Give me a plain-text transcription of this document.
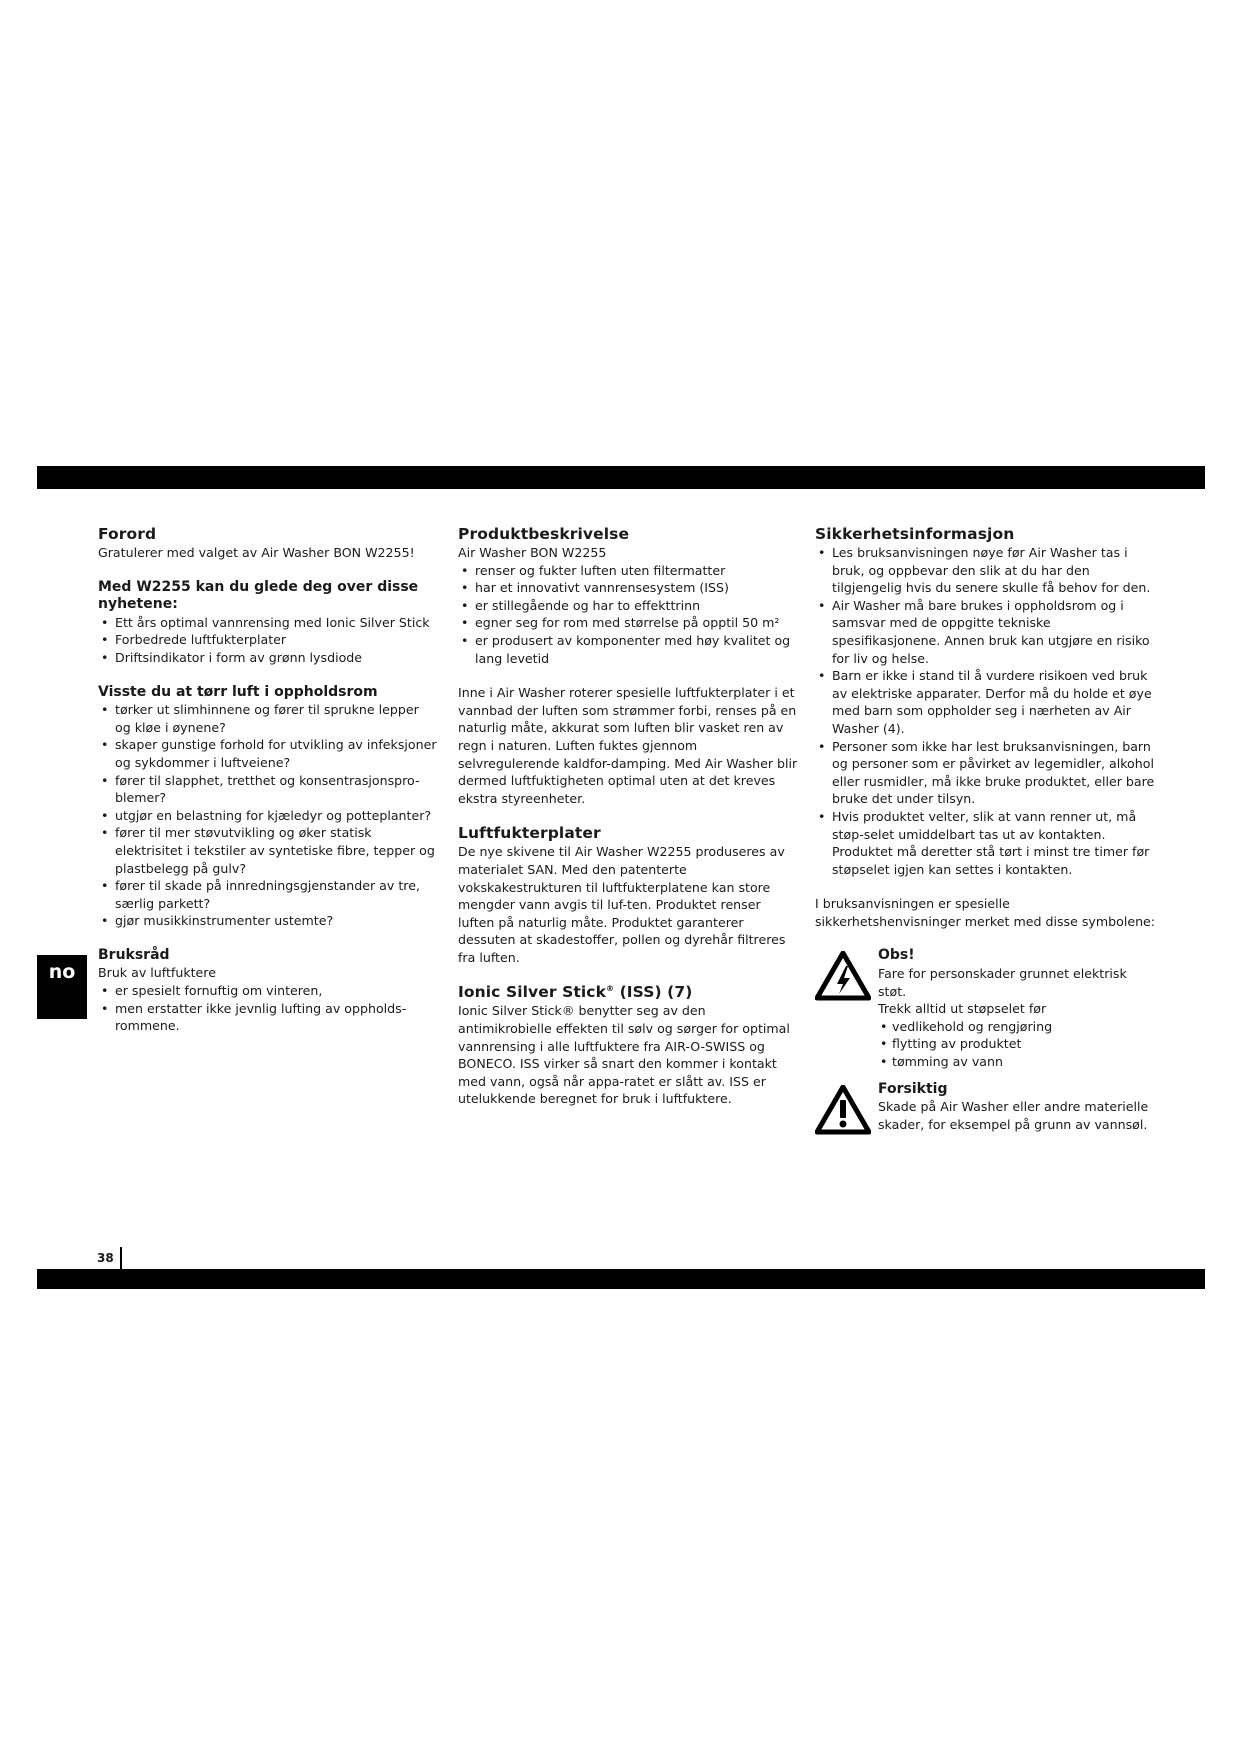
no
38
Forord

Gratulerer med valget av Air Washer BON W2255!

Med W2255 kan du glede deg over disse nyhetene:
• Ett års optimal vannrensing med Ionic Silver Stick
• Forbedrede luftfukterplater
• Driftsindikator i form av grønn lysdiode
Visste du at tørr luft i oppholdsrom
• tørker ut slimhinnene og fører til sprukne lepper og kløe i øynene?
• skaper gunstige forhold for utvikling av infeksjoner og sykdommer i luftveiene?
• fører til slapphet, tretthet og konsentrasjonspro-blemer?
• utgjør en belastning for kjæledyr og potteplanter?
• fører til mer støvutvikling og øker statisk elektrisitet i tekstiler av syntetiske fibre, tepper og plastbelegg på gulv?
• fører til skade på innredningsgjenstander av tre, særlig parkett?
• gjør musikkinstrumenter ustemte?
Bruksråd

Bruk av luftfuktere

• er spesielt fornuftig om vinteren,
• men erstatter ikke jevnlig lufting av oppholds-rommene.
Produktbeskrivelse

Air Washer BON W2255

• renser og fukter luften uten filtermatter
• har et innovativt vannrensesystem (ISS)
• er stillegående og har to effekttrinn
• egner seg for rom med størrelse på opptil 50 m²
• er produsert av komponenter med høy kvalitet og lang levetid

Inne i Air Washer roterer spesielle luftfukterplater i et vannbad der luften som strømmer forbi, renses på en naturlig måte, akkurat som luften blir vasket ren av regn i naturen. Luften fuktes gjennom selvregulerende kaldfor-damping. Med Air Washer blir dermed luftfuktigheten optimal uten at det kreves ekstra styreenheter.

Luftfukterplater

De nye skivene til Air Washer W2255 produseres av materialet SAN. Med den patenterte vokskakestrukturen til luftfukterplatene kan store mengder vann avgis til luf-ten. Produktet renser luften på naturlig måte. Produktet garanterer dessuten at skadestoffer, pollen og dyrehår filtreres fra luften.

Ionic Silver Stick® (ISS) (7)

Ionic Silver Stick® benytter seg av den antimikrobielle effekten til sølv og sørger for optimal vannrensing i alle luftfuktere fra AIR-O-SWISS og BONECO. ISS virker så snart den kommer i kontakt med vann, også når appa-ratet er slått av. ISS er utelukkende beregnet for bruk i luftfuktere.

Sikkerhetsinformasjon
• Les bruksanvisningen nøye før Air Washer tas i bruk, og oppbevar den slik at du har den tilgjengelig hvis du senere skulle få behov for den.
• Air Washer må bare brukes i oppholdsrom og i samsvar med de oppgitte tekniske spesifikasjonene. Annen bruk kan utgjøre en risiko for liv og helse.
• Barn er ikke i stand til å vurdere risikoen ved bruk av elektriske apparater. Derfor må du holde et øye med barn som oppholder seg i nærheten av Air Washer (4).
• Personer som ikke har lest bruksanvisningen, barn og personer som er påvirket av legemidler, alkohol eller rusmidler, må ikke bruke produktet, eller bare bruke det under tilsyn.
• Hvis produktet velter, slik at vann renner ut, må støp-selet umiddelbart tas ut av kontakten. Produktet må deretter stå tørt i minst tre timer før støpselet igjen kan settes i kontakten.

I bruksanvisningen er spesielle sikkerhetshenvisninger merket med disse symbolene:

Obs!

Fare for personskader grunnet elektrisk støt.

Trekk alltid ut støpselet før

• vedlikehold og rengjøring
• flytting av produktet
• tømming av vann
Forsiktig

Skade på Air Washer eller andre materielle skader, for eksempel på grunn av vannsøl.
